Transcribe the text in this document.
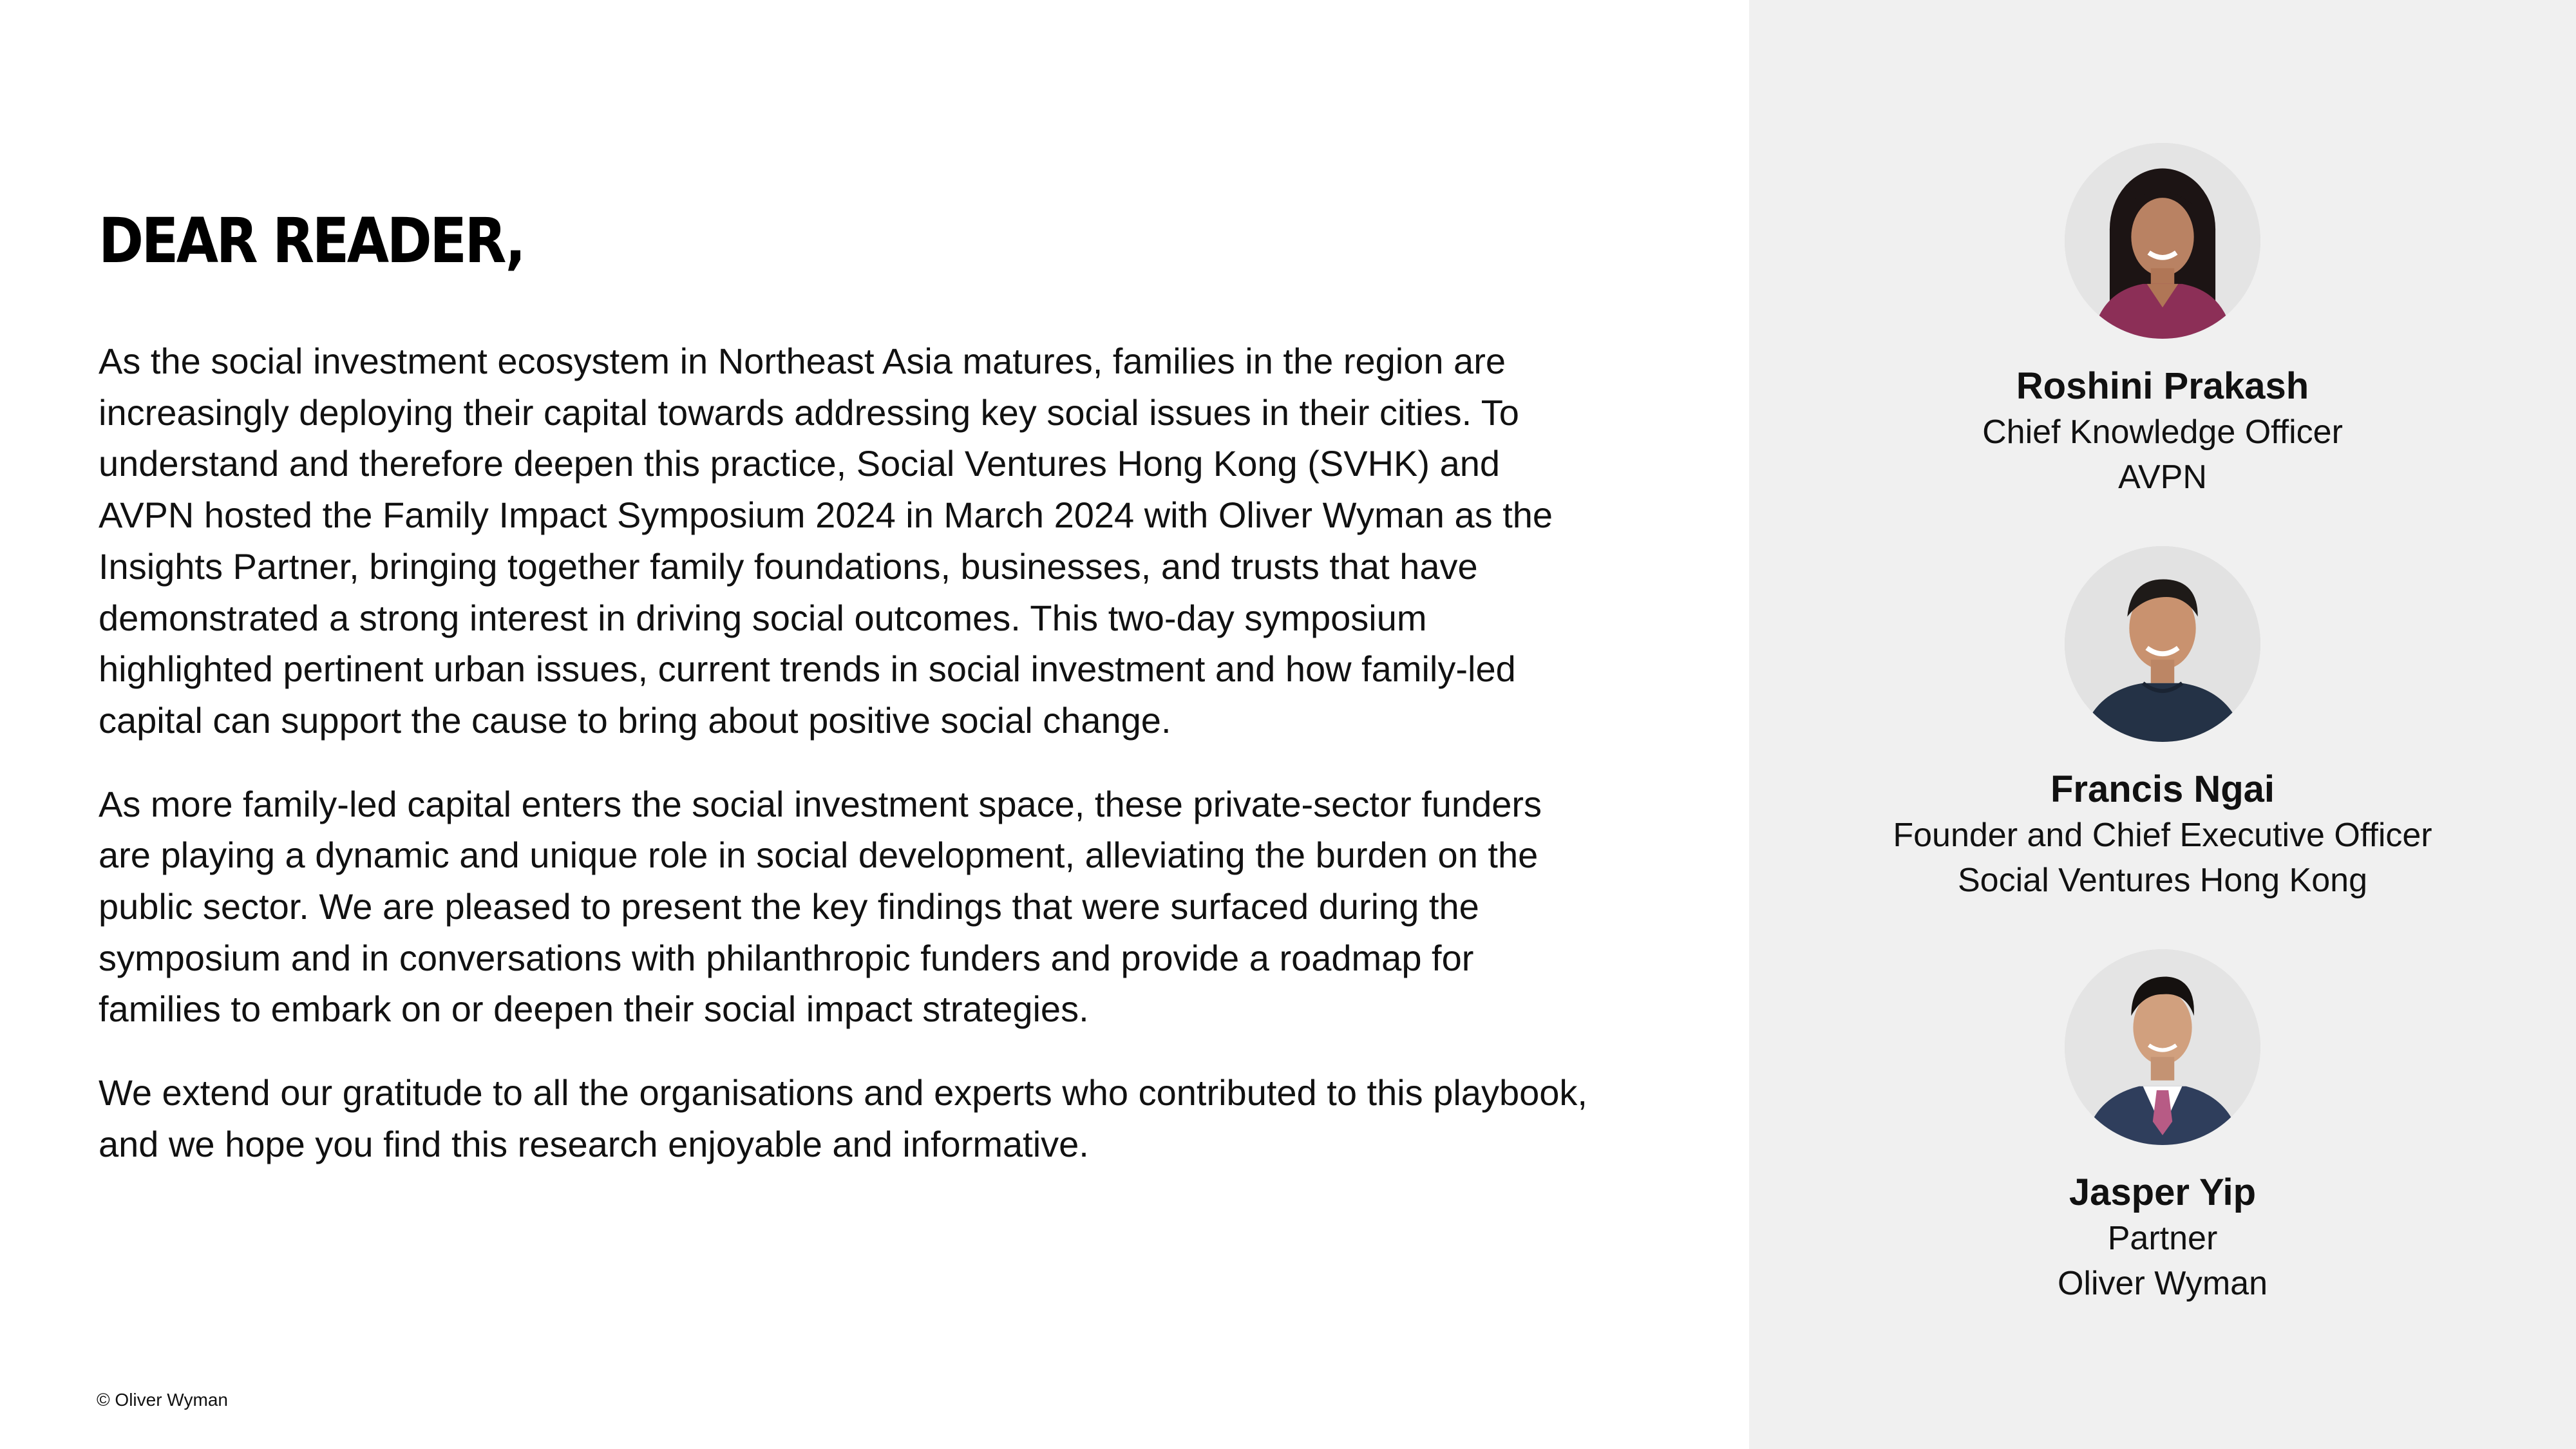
DEAR READER,

As the social investment ecosystem in Northeast Asia matures, families in the region are increasingly deploying their capital towards addressing key social issues in their cities. To understand and therefore deepen this practice, Social Ventures Hong Kong (SVHK) and AVPN hosted the Family Impact Symposium 2024 in March 2024 with Oliver Wyman as the Insights Partner, bringing together family foundations, businesses, and trusts that have demonstrated a strong interest in driving social outcomes. This two-day symposium highlighted pertinent urban issues, current trends in social investment and how family-led capital can support the cause to bring about positive social change.

As more family-led capital enters the social investment space, these private-sector funders are playing a dynamic and unique role in social development, alleviating the burden on the public sector. We are pleased to present the key findings that were surfaced during the symposium and in conversations with philanthropic funders and provide a roadmap for families to embark on or deepen their social impact strategies.

We extend our gratitude to all the organisations and experts who contributed to this playbook, and we hope you find this research enjoyable and informative.

© Oliver Wyman
Roshini Prakash
Chief Knowledge Officer
AVPN
Francis Ngai
Founder and Chief Executive Officer
Social Ventures Hong Kong
Jasper Yip
Partner
Oliver Wyman
